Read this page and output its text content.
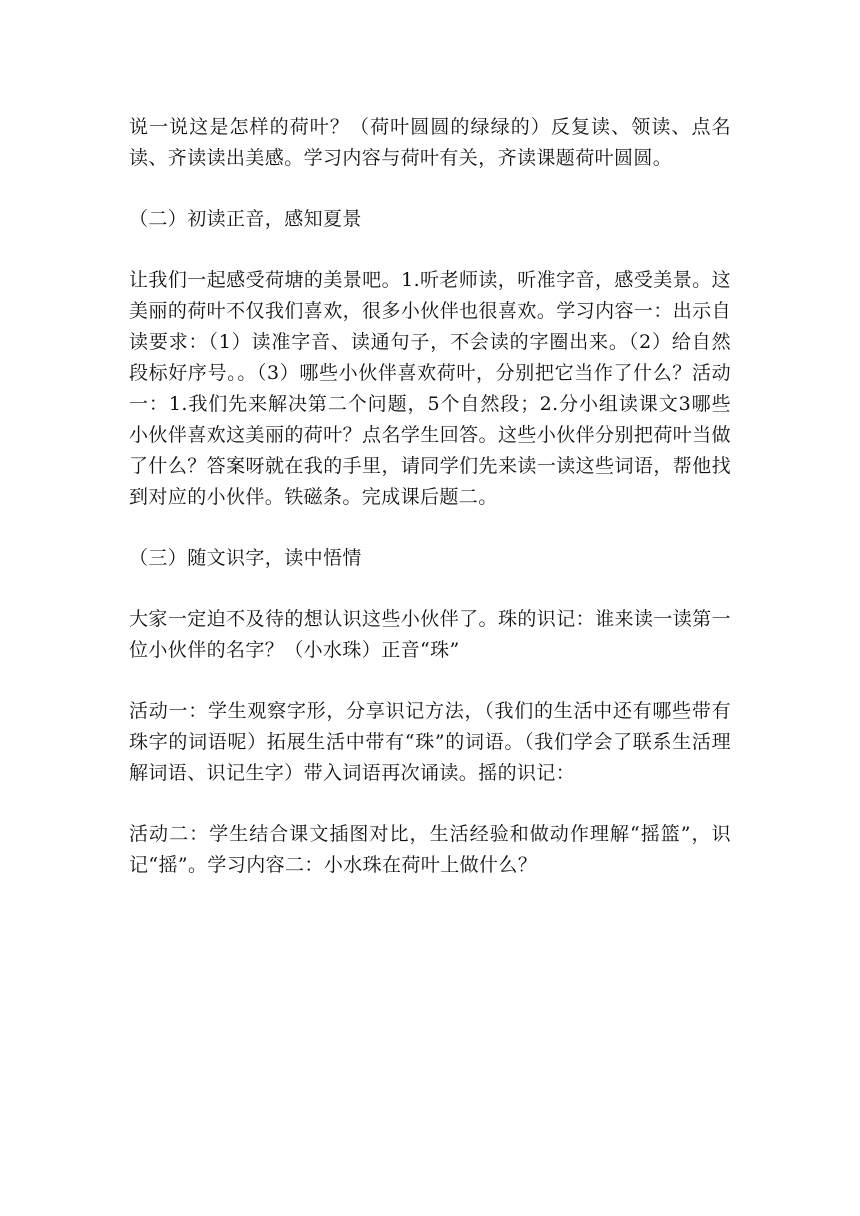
说一说这是怎样的荷叶？（荷叶圆圆的绿绿的）反复读、领读、点名读、齐读读出美感。学习内容与荷叶有关，齐读课题荷叶圆圆。

（二）初读正音，感知夏景

让我们一起感受荷塘的美景吧。1.听老师读，听准字音，感受美景。这美丽的荷叶不仅我们喜欢，很多小伙伴也很喜欢。学习内容一：出示自读要求：（1）读准字音、读通句子，不会读的字圈出来。（2）给自然段标好序号。。（3）哪些小伙伴喜欢荷叶，分别把它当作了什么？活动一：1.我们先来解决第二个问题，5个自然段；2.分小组读课文3哪些小伙伴喜欢这美丽的荷叶？点名学生回答。这些小伙伴分别把荷叶当做了什么？答案呀就在我的手里，请同学们先来读一读这些词语，帮他找到对应的小伙伴。铁磁条。完成课后题二。

（三）随文识字，读中悟情

大家一定迫不及待的想认识这些小伙伴了。珠的识记：谁来读一读第一位小伙伴的名字？（小水珠）正音“珠”

活动一：学生观察字形，分享识记方法，（我们的生活中还有哪些带有珠字的词语呢）拓展生活中带有“珠”的词语。（我们学会了联系生活理解词语、识记生字）带入词语再次诵读。摇的识记：

活动二：学生结合课文插图对比，生活经验和做动作理解“摇篮”，识记“摇”。学习内容二：小水珠在荷叶上做什么？
